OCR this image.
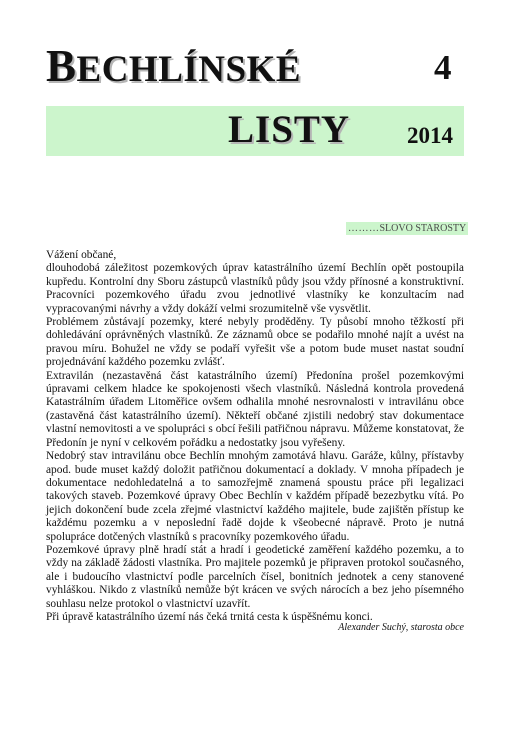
BECHLÍNSKÉ	4
LISTY 2014
………SLOVO STAROSTY

Vážení občané,

dlouhodobá záležitost pozemkových úprav katastrálního území Bechlín opět postoupila kupředu. Kontrolní dny Sboru zástupců vlastníků půdy jsou vždy přínosné a konstruktivní. Pracovníci pozemkového úřadu zvou jednotlivé vlastníky ke konzultacím nad vypracovanými návrhy a vždy dokáží velmi srozumitelně vše vysvětlit.

Problémem zůstávají pozemky, které nebyly proděděny. Ty působí mnoho těžkostí při dohledávání oprávněných vlastníků. Ze záznamů obce se podařilo mnohé najít a uvést na pravou míru. Bohužel ne vždy se podaří vyřešit vše a potom bude muset nastat soudní projednávání každého pozemku zvlášť.

Extravilán (nezastavěná část katastrálního území) Předonína prošel pozemkovými úpravami celkem hladce ke spokojenosti všech vlastníků. Následná kontrola provedená Katastrálním úřadem Litoměřice ovšem odhalila mnohé nesrovnalosti v intravilánu obce (zastavěná část katastrálního území). Někteří občané zjistili nedobrý stav dokumentace vlastní nemovitosti a ve spolupráci s obcí řešili patřičnou nápravu. Můžeme konstatovat, že Předonín je nyní v celkovém pořádku a nedostatky jsou vyřešeny.

Nedobrý stav intravilánu obce Bechlín mnohým zamotává hlavu. Garáže, kůlny, přístavby apod. bude muset každý doložit patřičnou dokumentací a doklady. V mnoha případech je dokumentace nedohledatelná a to samozřejmě znamená spoustu práce při legalizaci takových staveb. Pozemkové úpravy Obec Bechlín v každém případě bezezbytku vítá. Po jejich dokončení bude zcela zřejmé vlastnictví každého majitele, bude zajištěn přístup ke každému pozemku a v neposlední řadě dojde k všeobecné nápravě. Proto je nutná spolupráce dotčených vlastníků s pracovníky pozemkového úřadu.

Pozemkové úpravy plně hradí stát a hradí i geodetické zaměření každého pozemku, a to vždy na základě žádosti vlastníka. Pro majitele pozemků je připraven protokol současného, ale i budoucího vlastnictví podle parcelních čísel, bonitních jednotek a ceny stanovené vyhláškou. Nikdo z vlastníků nemůže být krácen ve svých nárocích a bez jeho písemného souhlasu nelze protokol o vlastnictví uzavřít.

Při úpravě katastrálního území nás čeká trnitá cesta k úspěšnému konci.

Alexander Suchý, starosta obce
